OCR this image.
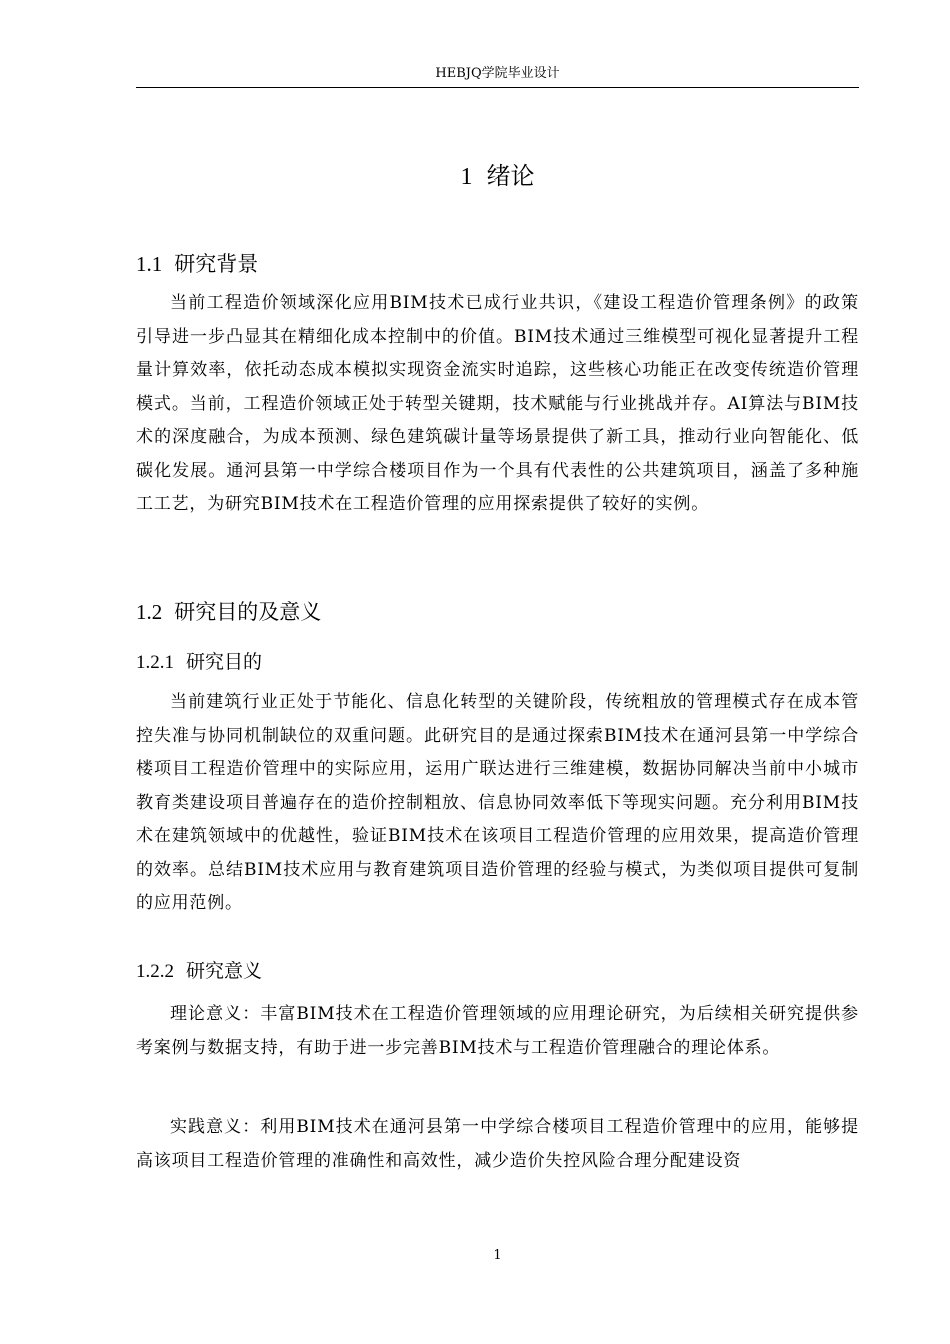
HEBJQ学院毕业设计
1 绪论
1.1 研究背景

当前工程造价领域深化应用BIM技术已成行业共识，《建设工程造价管理条例》的政策引导进一步凸显其在精细化成本控制中的价值。BIM技术通过三维模型可视化显著提升工程量计算效率，依托动态成本模拟实现资金流实时追踪，这些核心功能正在改变传统造价管理模式。当前，工程造价领域正处于转型关键期，技术赋能与行业挑战并存。AI算法与BIM技术的深度融合，为成本预测、绿色建筑碳计量等场景提供了新工具，推动行业向智能化、低碳化发展。通河县第一中学综合楼项目作为一个具有代表性的公共建筑项目，涵盖了多种施工工艺，为研究BIM技术在工程造价管理的应用探索提供了较好的实例。

1.2 研究目的及意义
1.2.1 研究目的

当前建筑行业正处于节能化、信息化转型的关键阶段，传统粗放的管理模式存在成本管控失准与协同机制缺位的双重问题。此研究目的是通过探索BIM技术在通河县第一中学综合楼项目工程造价管理中的实际应用，运用广联达进行三维建模，数据协同解决当前中小城市教育类建设项目普遍存在的造价控制粗放、信息协同效率低下等现实问题。充分利用BIM技术在建筑领域中的优越性，验证BIM技术在该项目工程造价管理的应用效果，提高造价管理的效率。总结BIM技术应用与教育建筑项目造价管理的经验与模式，为类似项目提供可复制的应用范例。

1.2.2 研究意义

理论意义：丰富BIM技术在工程造价管理领域的应用理论研究，为后续相关研究提供参考案例与数据支持，有助于进一步完善BIM技术与工程造价管理融合的理论体系。

实践意义：利用BIM技术在通河县第一中学综合楼项目工程造价管理中的应用，能够提高该项目工程造价管理的准确性和高效性，减少造价失控风险合理分配建设资

1
